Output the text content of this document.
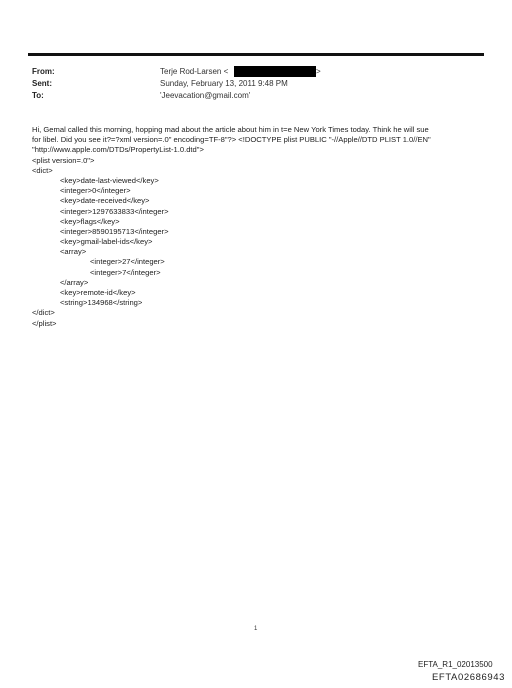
From:	Terje Rod-Larsen <	>
Sent:	Sunday, February 13, 2011 9:48 PM
To:	'Jeevacation@gmail.com'
Hi, Gemal called this morning, hopping mad about the article about him in t=e New York Times today. Think he will sue
for libel. Did you see it?=?xml version=.0" encoding=TF-8"?> <!DOCTYPE plist PUBLIC "-//Apple//DTD PLIST 1.0//EN"
"http://www.apple.com/DTDs/PropertyList-1.0.dtd">
<plist version=.0">
<dict>
<key>date-last-viewed</key>
<integer>0</integer>
<key>date-received</key>
<integer>1297633833</integer>
<key>flags</key>
<integer>8590195713</integer>
<key>gmail-label-ids</key>
<array>
<integer>27</integer>
<integer>7</integer>
</array>
<key>remote-id</key>
<string>134968</string>
</dict>
</plist>
1
EFTA_R1_02013500
EFTA02686943
